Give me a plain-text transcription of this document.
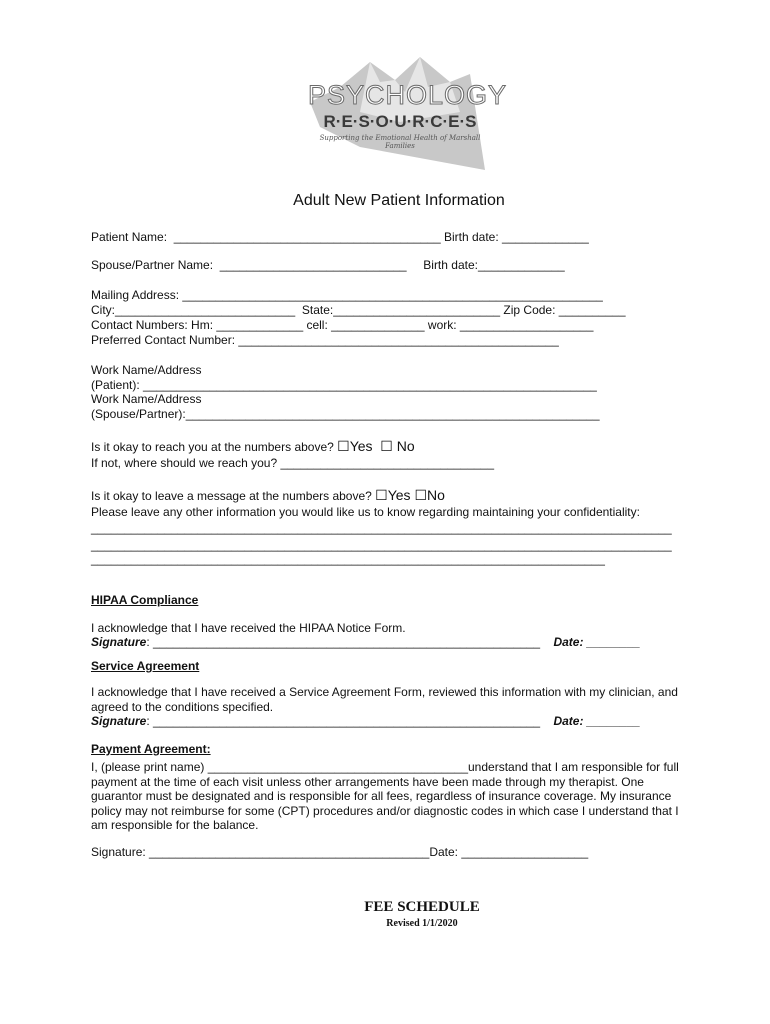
PSYCHOLOGY
R·E·S·O·U·R·C·E·S
Supporting the Emotional Health of Marshall Families
Adult New Patient Information
Patient Name:  ________________________________________ Birth date: _____________
Spouse/Partner Name:  ____________________________     Birth date:_____________
Mailing Address: _______________________________________________________________
City:___________________________  State:_________________________ Zip Code: __________
Contact Numbers: Hm: _____________ cell: ______________ work: ____________________
Preferred Contact Number: ________________________________________________
Work Name/Address
(Patient): ____________________________________________________________________
Work Name/Address
(Spouse/Partner):______________________________________________________________
Is it okay to reach you at the numbers above? ☐Yes  ☐ No
If not, where should we reach you? ________________________________
Is it okay to leave a message at the numbers above? ☐Yes ☐No
Please leave any other information you would like us to know regarding maintaining your confidentiality:
_______________________________________________________________________________________
_______________________________________________________________________________________
_____________________________________________________________________________
HIPAA Compliance
I acknowledge that I have received the HIPAA Notice Form.
Signature: __________________________________________________________ Date: ________
Service Agreement
I acknowledge that I have received a Service Agreement Form, reviewed this information with my clinician, and agreed to the conditions specified.
Signature: __________________________________________________________ Date: ________
Payment Agreement:
I, (please print name) _______________________________________understand that I am responsible for full payment at the time of each visit unless other arrangements have been made through my therapist. One guarantor must be designated and is responsible for all fees, regardless of insurance coverage. My insurance policy may not reimburse for some (CPT) procedures and/or diagnostic codes in which case I understand that I am responsible for the balance.
Signature: __________________________________________Date: ___________________
FEE SCHEDULE
Revised 1/1/2020
